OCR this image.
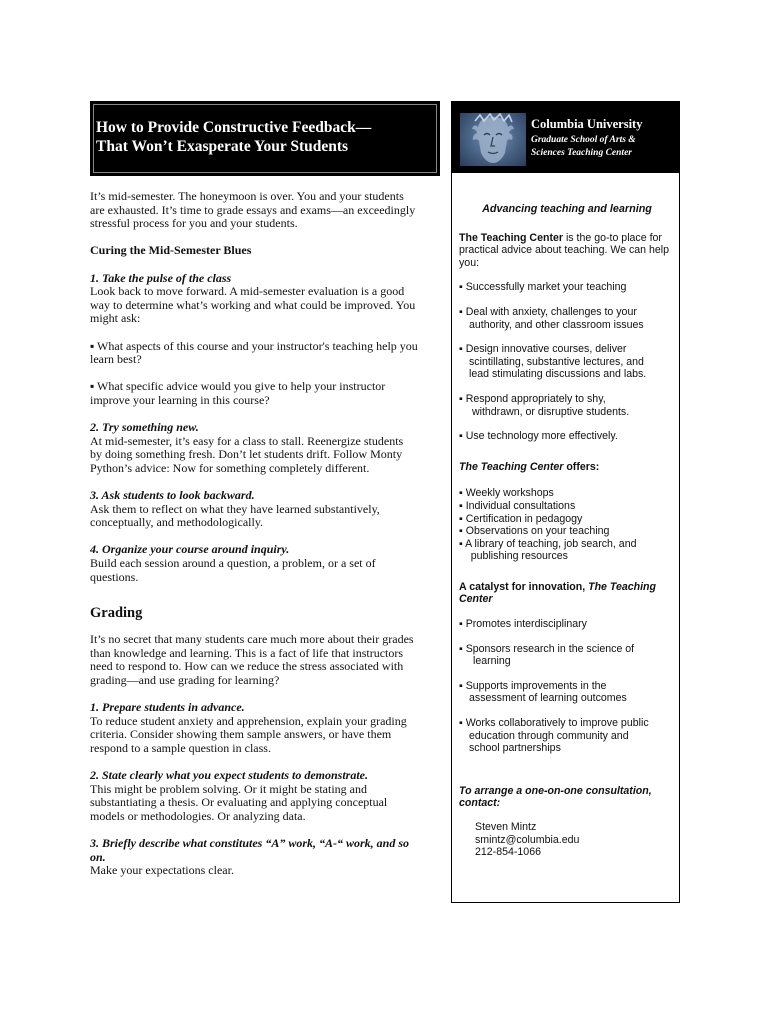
How to Provide Constructive Feedback—
That Won’t Exasperate Your Students

It’s mid-semester. The honeymoon is over. You and your students

are exhausted. It’s time to grade essays and exams—an exceedingly

stressful process for you and your students.

Curing the Mid-Semester Blues

1. Take the pulse of the class

Look back to move forward. A mid-semester evaluation is a good

way to determine what’s working and what could be improved. You

might ask:

▪ What aspects of this course and your instructor's teaching help you

learn best?

▪ What specific advice would you give to help your instructor

improve your learning in this course?

2. Try something new.

At mid-semester, it’s easy for a class to stall. Reenergize students

by doing something fresh. Don’t let students drift. Follow Monty

Python’s advice: Now for something completely different.

3. Ask students to look backward.

Ask them to reflect on what they have learned substantively,

conceptually, and methodologically.

4. Organize your course around inquiry.

Build each session around a question, a problem, or a set of

questions.

Grading

It’s no secret that many students care much more about their grades

than knowledge and learning. This is a fact of life that instructors

need to respond to. How can we reduce the stress associated with

grading—and use grading for learning?

1. Prepare students in advance.

To reduce student anxiety and apprehension, explain your grading

criteria. Consider showing them sample answers, or have them

respond to a sample question in class.

2. State clearly what you expect students to demonstrate.

This might be problem solving. Or it might be stating and

substantiating a thesis. Or evaluating and applying conceptual

models or methodologies. Or analyzing data.

3. Briefly describe what constitutes “A” work, “A-“ work, and so

on.

Make your expectations clear.

Columbia University
Graduate School of Arts &
Sciences Teaching Center

Advancing teaching and learning

The Teaching Center is the go-to place for practical advice about teaching. We can help you:

▪ Successfully market your teaching

▪ Deal with anxiety, challenges to your

authority, and other classroom issues

▪ Design innovative courses, deliver

scintillating, substantive lectures, and

lead stimulating discussions and labs.

▪ Respond appropriately to shy,

withdrawn, or disruptive students.

▪ Use technology more effectively.

The Teaching Center offers:

▪ Weekly workshops

▪ Individual consultations

▪ Certification in pedagogy

▪ Observations on your teaching

▪ A library of teaching, job search, and

publishing resources

A catalyst for innovation, The Teaching Center

▪ Promotes interdisciplinary

▪ Sponsors research in the science of

learning

▪ Supports improvements in the

assessment of learning outcomes

▪ Works collaboratively to improve public

education through community and

school partnerships

To arrange a one-on-one consultation,

contact:

Steven Mintz

smintz@columbia.edu

212-854-1066
